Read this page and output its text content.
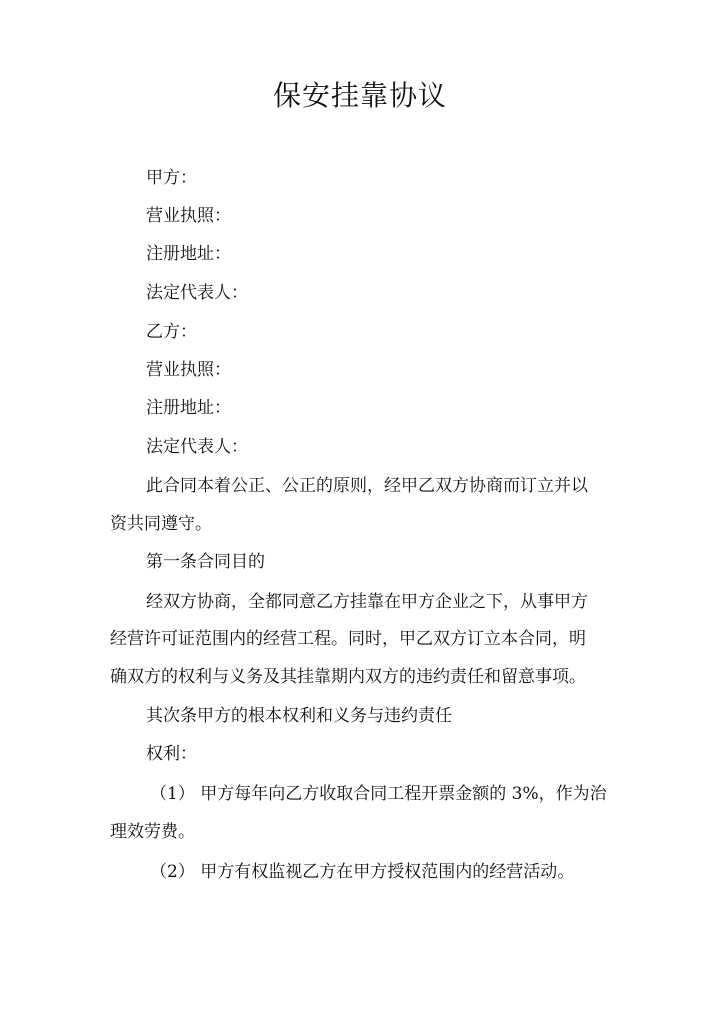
保安挂靠协议

甲方：

营业执照：

注册地址：

法定代表人：

乙方：

营业执照：

注册地址：

法定代表人：

此合同本着公正、公正的原则，经甲乙双方协商而订立并以

资共同遵守。

第一条合同目的

经双方协商，全都同意乙方挂靠在甲方企业之下，从事甲方

经营许可证范围内的经营工程。同时，甲乙双方订立本合同，明

确双方的权利与义务及其挂靠期内双方的违约责任和留意事项。

其次条甲方的根本权利和义务与违约责任

权利：

（1） 甲方每年向乙方收取合同工程开票金额的 3%，作为治

理效劳费。

（2） 甲方有权监视乙方在甲方授权范围内的经营活动。
